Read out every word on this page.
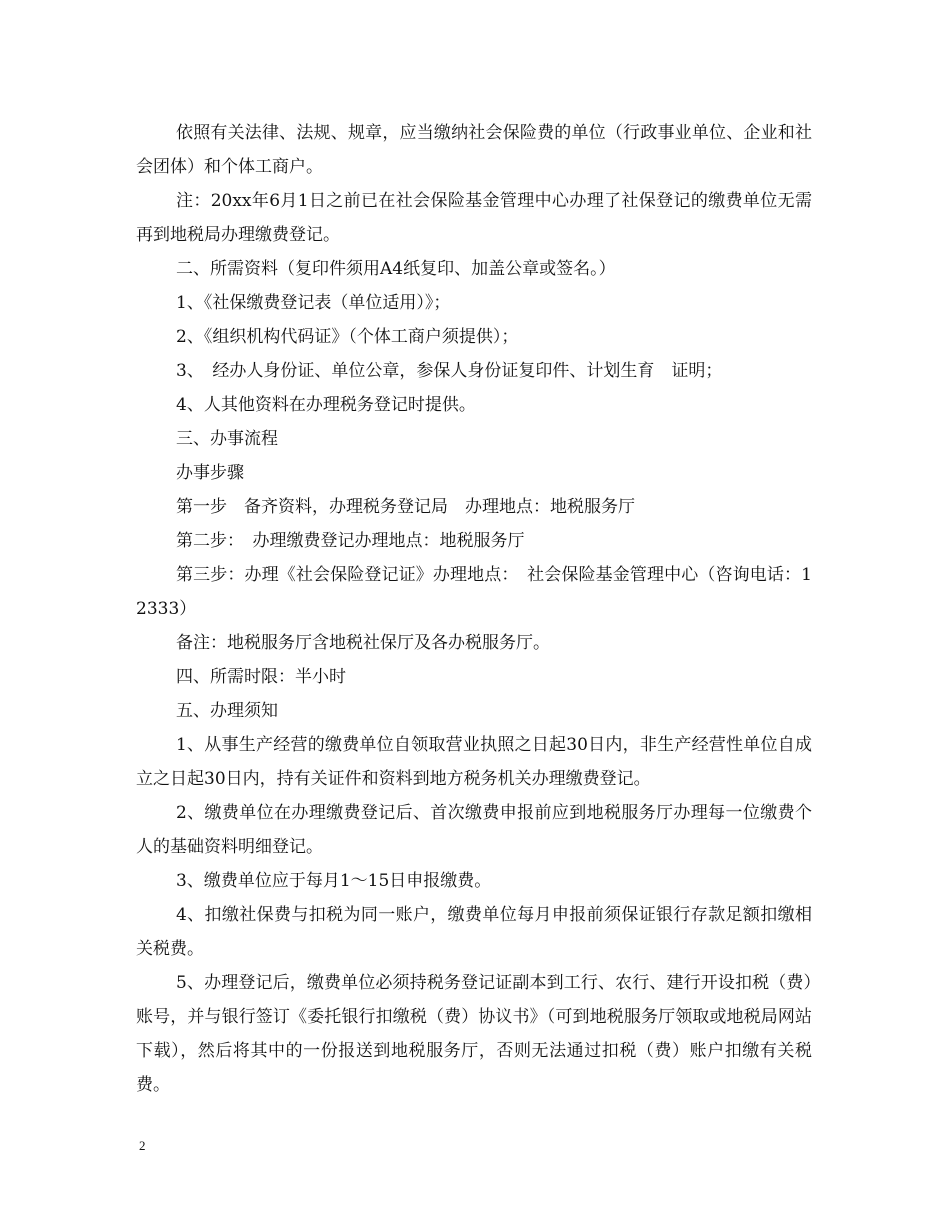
依照有关法律、法规、规章，应当缴纳社会保险费的单位（行政事业单位、企业和社会团体）和个体工商户。

注：20xx年6月1日之前已在社会保险基金管理中心办理了社保登记的缴费单位无需再到地税局办理缴费登记。

二、所需资料（复印件须用A4纸复印、加盖公章或签名。）

1、《社保缴费登记表（单位适用）》；

2、《组织机构代码证》（个体工商户须提供）；

3、　经办人身份证、单位公章，参保人身份证复印件、计划生育　证明；

4、人其他资料在办理税务登记时提供。

三、办事流程

办事步骤

第一步　备齐资料，办理税务登记局　办理地点：地税服务厅

第二步：　办理缴费登记办理地点：地税服务厅

第三步：办理《社会保险登记证》办理地点：　社会保险基金管理中心（咨询电话：12333）

备注：地税服务厅含地税社保厅及各办税服务厅。

四、所需时限：半小时

五、办理须知

1、从事生产经营的缴费单位自领取营业执照之日起30日内，非生产经营性单位自成立之日起30日内，持有关证件和资料到地方税务机关办理缴费登记。

2、缴费单位在办理缴费登记后、首次缴费申报前应到地税服务厅办理每一位缴费个人的基础资料明细登记。

3、缴费单位应于每月1～15日申报缴费。

4、扣缴社保费与扣税为同一账户，缴费单位每月申报前须保证银行存款足额扣缴相关税费。

5、办理登记后，缴费单位必须持税务登记证副本到工行、农行、建行开设扣税（费）账号，并与银行签订《委托银行扣缴税（费）协议书》（可到地税服务厅领取或地税局网站下载），然后将其中的一份报送到地税服务厅，否则无法通过扣税（费）账户扣缴有关税费。

2
